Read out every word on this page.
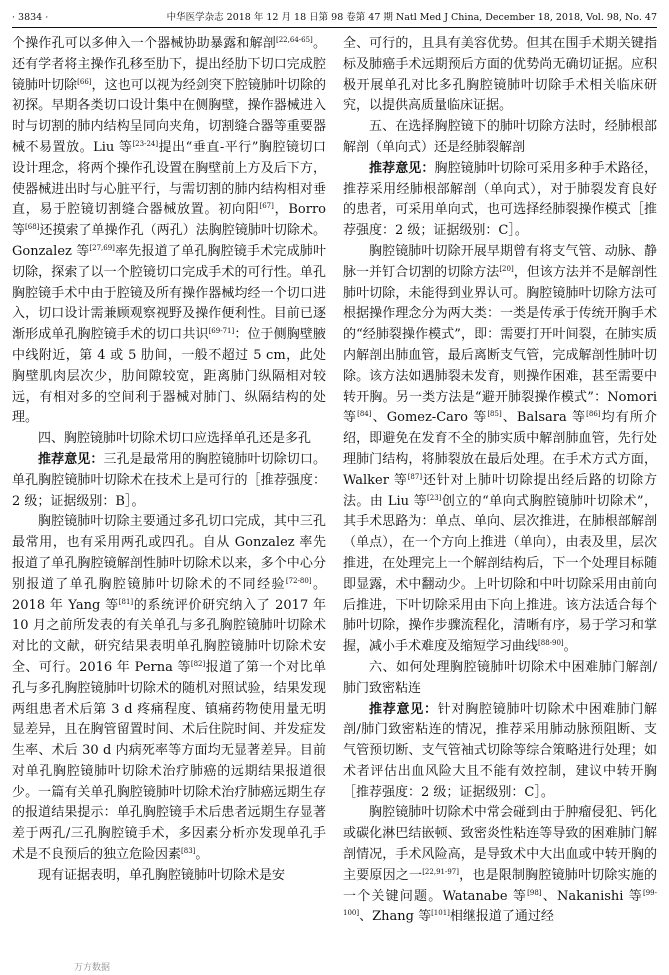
· 3834 ·	中华医学杂志 2018 年 12 月 18 日第 98 卷第 47 期 Natl Med J China, December 18, 2018, Vol. 98, No. 47

个操作孔可以多伸入一个器械协助暴露和解剖[22,64-65]。还有学者将主操作孔移至肋下，提出经肋下切口完成腔镜肺叶切除[66]，这也可以视为经剑突下腔镜肺叶切除的初探。早期各类切口设计集中在侧胸壁，操作器械进入时与切割的肺内结构呈同向夹角，切割缝合器等重要器械不易置放。Liu 等[23-24]提出“垂直-平行”胸腔镜切口设计理念，将两个操作孔设置在胸壁前上方及后下方，使器械进出时与心脏平行，与需切割的肺内结构相对垂直，易于腔镜切割缝合器械放置。初向阳[67]，Borro 等[68]还摸索了单操作孔（两孔）法胸腔镜肺叶切除术。Gonzalez 等[27,69]率先报道了单孔胸腔镜手术完成肺叶切除，探索了以一个腔镜切口完成手术的可行性。单孔胸腔镜手术中由于腔镜及所有操作器械均经一个切口进入，切口设计需兼顾观察视野及操作便利性。目前已逐渐形成单孔胸腔镜手术的切口共识[69-71]：位于侧胸壁腋中线附近，第 4 或 5 肋间，一般不超过 5 cm，此处胸壁肌肉层次少，肋间隙较宽，距离肺门纵隔相对较远，有相对多的空间利于器械对肺门、纵隔结构的处理。

四、胸腔镜肺叶切除术切口应选择单孔还是多孔

推荐意见：三孔是最常用的胸腔镜肺叶切除切口。单孔胸腔镜肺叶切除术在技术上是可行的［推荐强度：2 级；证据级别：B］。

胸腔镜肺叶切除主要通过多孔切口完成，其中三孔最常用，也有采用两孔或四孔。自从 Gonzalez 率先报道了单孔胸腔镜解剖性肺叶切除术以来，多个中心分别报道了单孔胸腔镜肺叶切除术的不同经验[72-80]。2018 年 Yang 等[81]的系统评价研究纳入了 2017 年 10 月之前所发表的有关单孔与多孔胸腔镜肺叶切除术对比的文献，研究结果表明单孔胸腔镜肺叶切除术安全、可行。2016 年 Perna 等[82]报道了第一个对比单孔与多孔胸腔镜肺叶切除术的随机对照试验，结果发现两组患者术后第 3 d 疼痛程度、镇痛药物使用量无明显差异，且在胸管留置时间、术后住院时间、并发症发生率、术后 30 d 内病死率等方面均无显著差异。目前对单孔胸腔镜肺叶切除术治疗肺癌的远期结果报道很少。一篇有关单孔胸腔镜肺叶切除术治疗肺癌远期生存的报道结果提示：单孔胸腔镜手术后患者远期生存显著差于两孔/三孔胸腔镜手术，多因素分析亦发现单孔手术是不良预后的独立危险因素[83]。

现有证据表明，单孔胸腔镜肺叶切除术是安

全、可行的，且具有美容优势。但其在围手术期关键指标及肺癌手术远期预后方面的优势尚无确切证据。应积极开展单孔对比多孔胸腔镜肺叶切除手术相关临床研究，以提供高质量临床证据。

五、在选择胸腔镜下的肺叶切除方法时，经肺根部解剖（单向式）还是经肺裂解剖

推荐意见：胸腔镜肺叶切除可采用多种手术路径，推荐采用经肺根部解剖（单向式），对于肺裂发育良好的患者，可采用单向式，也可选择经肺裂操作模式［推荐强度：2 级；证据级别：C］。

胸腔镜肺叶切除开展早期曾有将支气管、动脉、静脉一并钉合切割的切除方法[20]，但该方法并不是解剖性肺叶切除，未能得到业界认可。胸腔镜肺叶切除方法可根据操作理念分为两大类：一类是传承于传统开胸手术的“经肺裂操作模式”，即：需要打开叶间裂，在肺实质内解剖出肺血管，最后离断支气管，完成解剖性肺叶切除。该方法如遇肺裂未发育，则操作困难，甚至需要中转开胸。另一类方法是“避开肺裂操作模式”：Nomori 等[84]、Gomez-Caro 等[85]、Balsara 等[86]均有所介绍，即避免在发育不全的肺实质中解剖肺血管，先行处理肺门结构，将肺裂放在最后处理。在手术方式方面，Walker 等[87]还针对上肺叶切除提出经后路的切除方法。由 Liu 等[23]创立的“单向式胸腔镜肺叶切除术”，其手术思路为：单点、单向、层次推进，在肺根部解剖（单点），在一个方向上推进（单向），由表及里，层次推进，在处理完上一个解剖结构后，下一个处理目标随即显露，术中翻动少。上叶切除和中叶切除采用由前向后推进，下叶切除采用由下向上推进。该方法适合每个肺叶切除，操作步骤流程化，清晰有序，易于学习和掌握，减小手术难度及缩短学习曲线[88-90]。

六、如何处理胸腔镜肺叶切除术中困难肺门解剖/肺门致密粘连

推荐意见：针对胸腔镜肺叶切除术中困难肺门解剖/肺门致密粘连的情况，推荐采用肺动脉预阻断、支气管预切断、支气管袖式切除等综合策略进行处理；如术者评估出血风险大且不能有效控制，建议中转开胸［推荐强度：2 级；证据级别：C］。

胸腔镜肺叶切除术中常会碰到由于肿瘤侵犯、钙化或碳化淋巴结嵌顿、致密炎性粘连等导致的困难肺门解剖情况，手术风险高，是导致术中大出血或中转开胸的主要原因之一[22,91-97]，也是限制胸腔镜肺叶切除实施的一个关键问题。Watanabe 等[98]、Nakanishi 等[99-100]、Zhang 等[101]相继报道了通过经

万方数据
